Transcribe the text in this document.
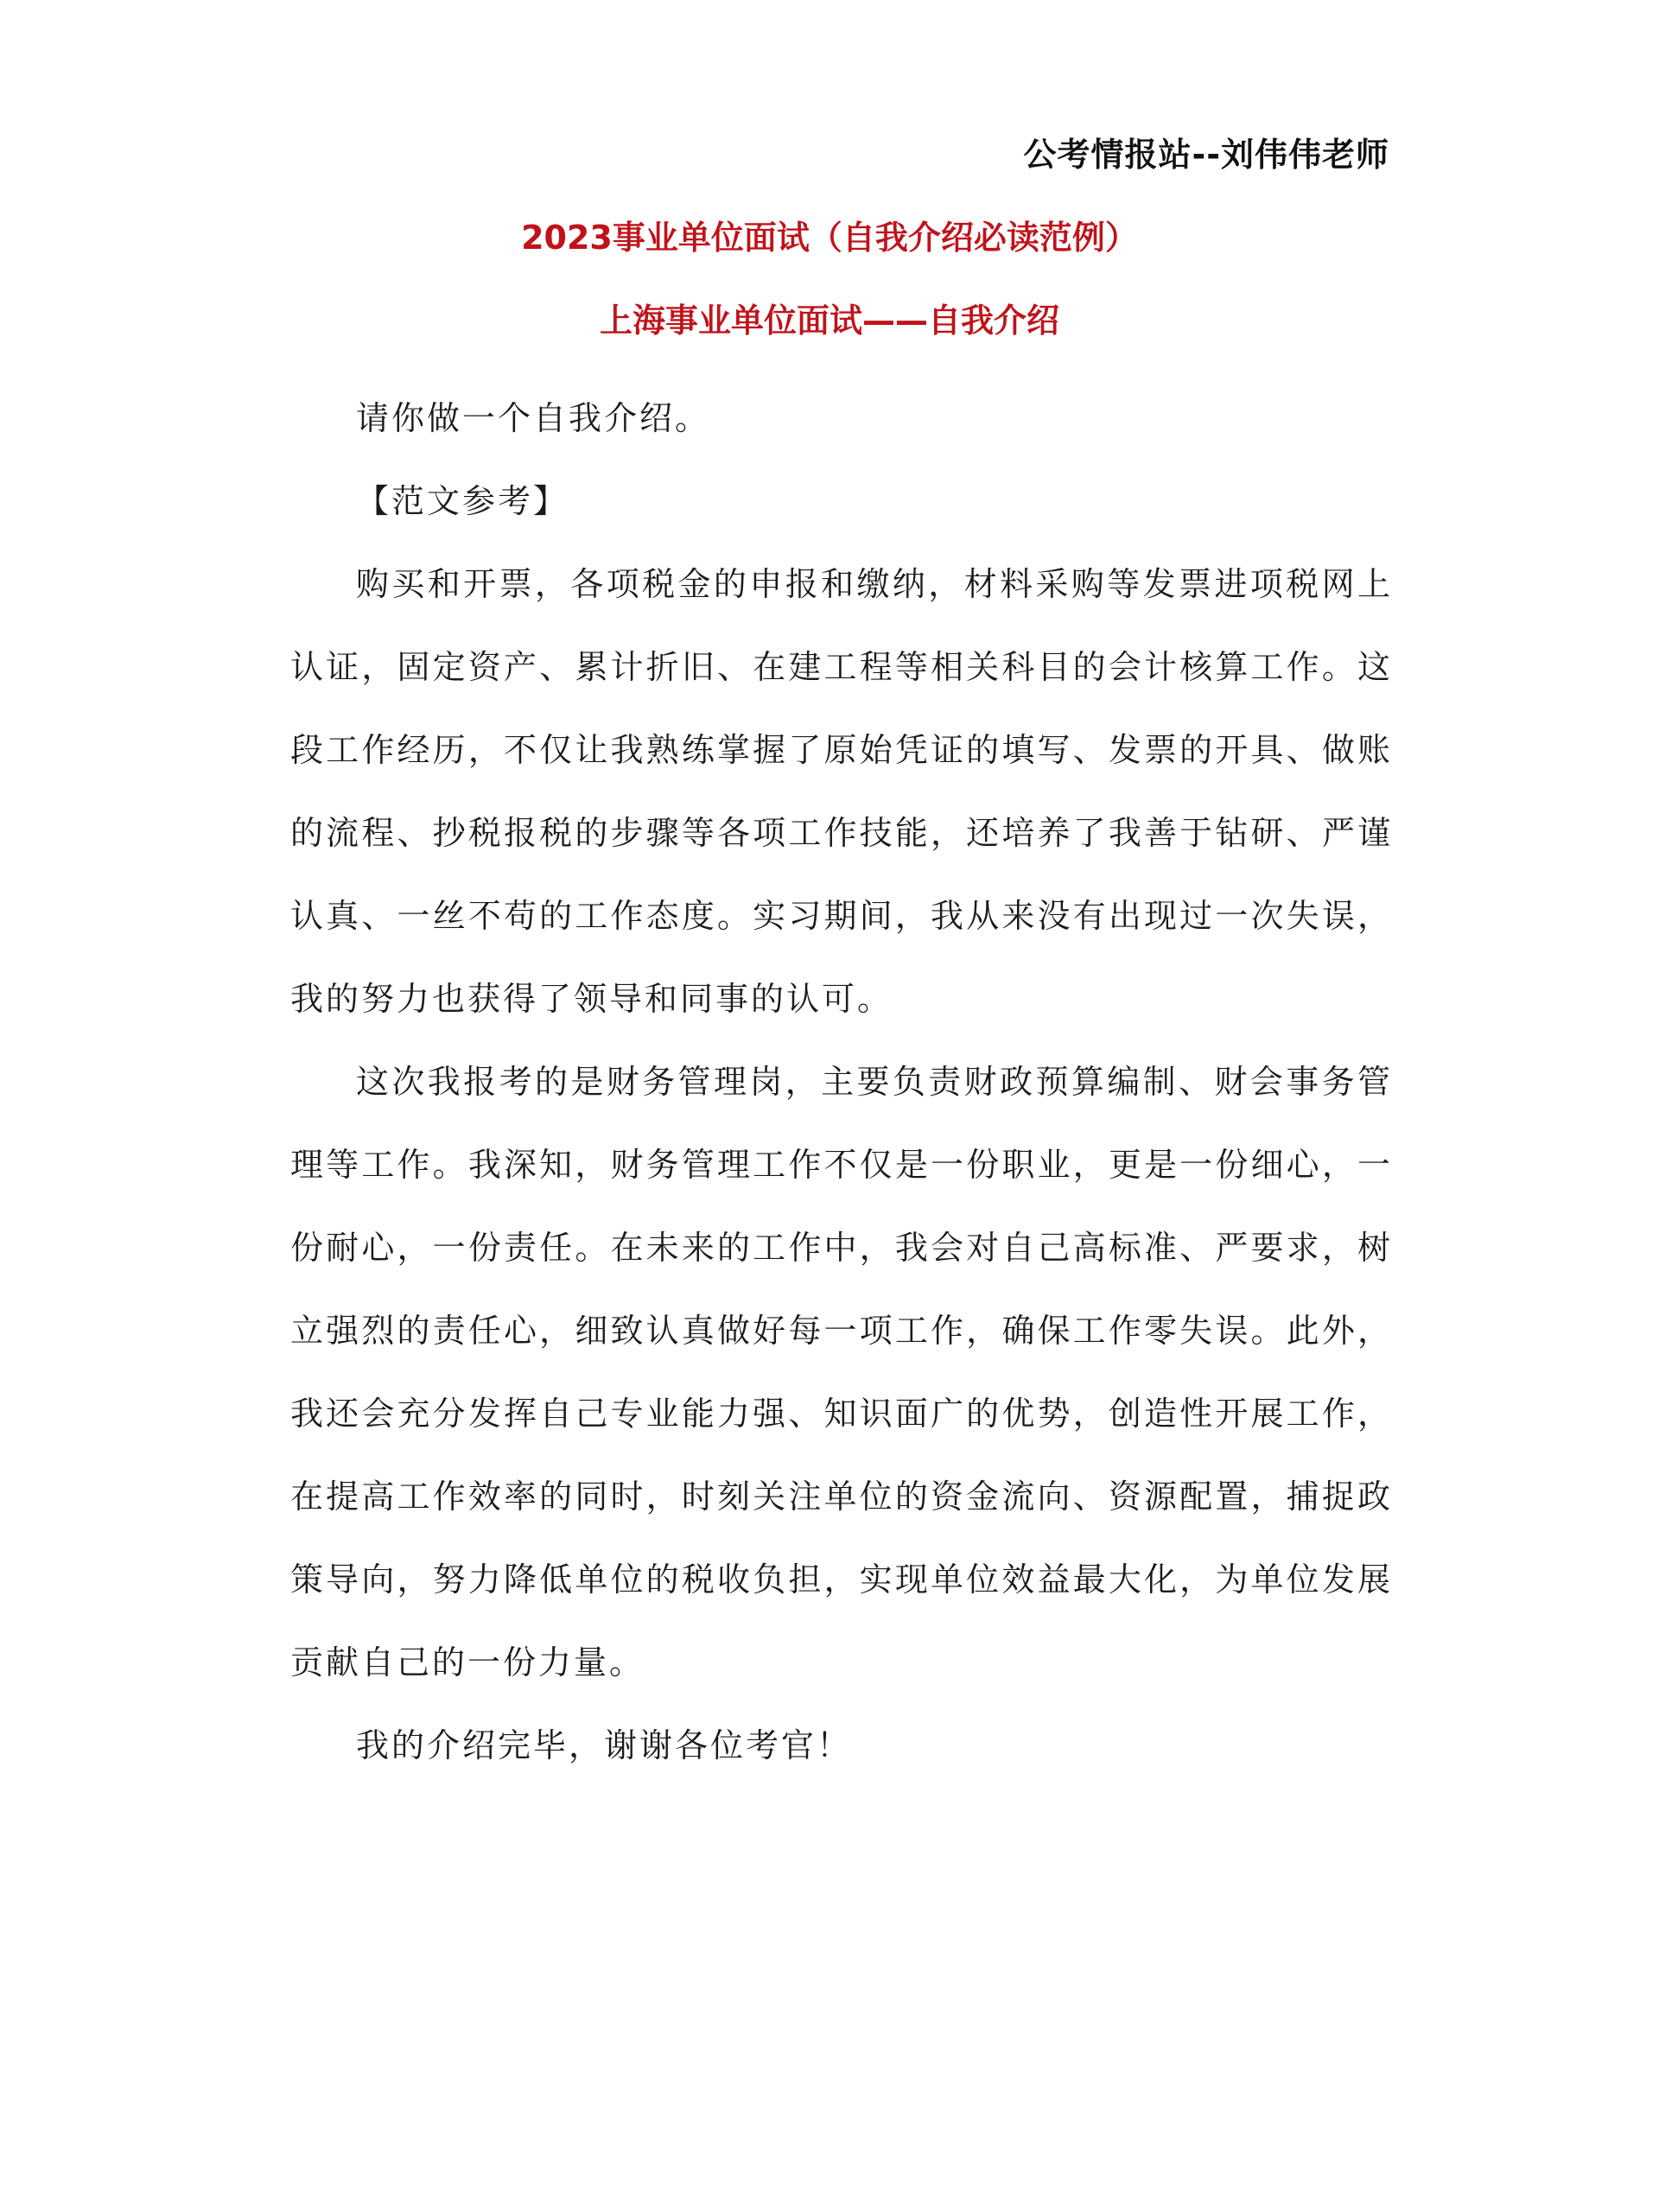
公考情报站--刘伟伟老师
2023事业单位面试（自我介绍必读范例）
上海事业单位面试——自我介绍

请你做一个自我介绍。

【范文参考】

购买和开票，各项税金的申报和缴纳，材料采购等发票进项税网上认证，固定资产、累计折旧、在建工程等相关科目的会计核算工作。这段工作经历，不仅让我熟练掌握了原始凭证的填写、发票的开具、做账的流程、抄税报税的步骤等各项工作技能，还培养了我善于钻研、严谨认真、一丝不苟的工作态度。实习期间，我从来没有出现过一次失误，我的努力也获得了领导和同事的认可。

这次我报考的是财务管理岗，主要负责财政预算编制、财会事务管理等工作。我深知，财务管理工作不仅是一份职业，更是一份细心，一份耐心，一份责任。在未来的工作中，我会对自己高标准、严要求，树立强烈的责任心，细致认真做好每一项工作，确保工作零失误。此外，我还会充分发挥自己专业能力强、知识面广的优势，创造性开展工作，在提高工作效率的同时，时刻关注单位的资金流向、资源配置，捕捉政策导向，努力降低单位的税收负担，实现单位效益最大化，为单位发展贡献自己的一份力量。

我的介绍完毕，谢谢各位考官！
